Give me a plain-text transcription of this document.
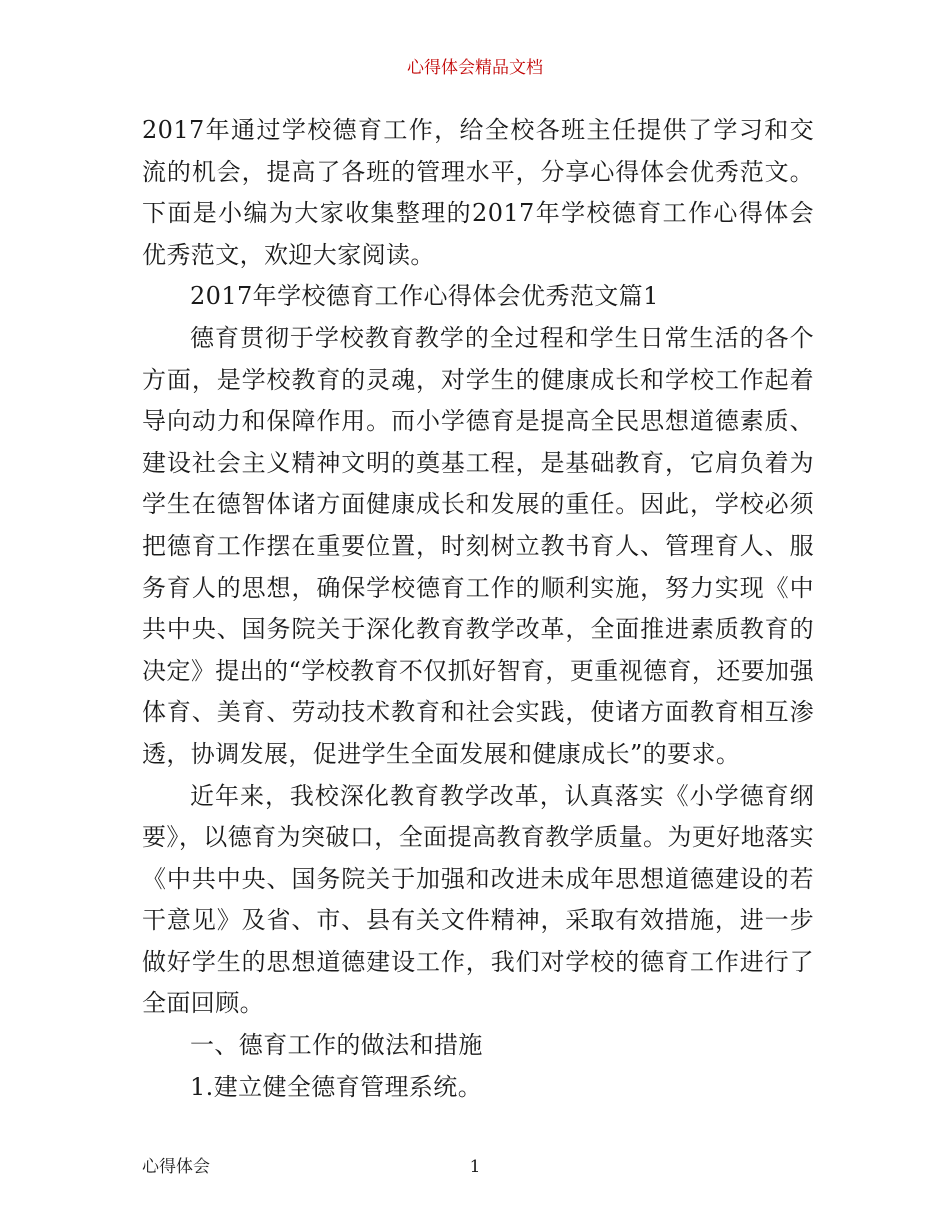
心得体会精品文档

2017年通过学校德育工作，给全校各班主任提供了学习和交流的机会，提高了各班的管理水平，分享心得体会优秀范文。下面是小编为大家收集整理的2017年学校德育工作心得体会优秀范文，欢迎大家阅读。

2017年学校德育工作心得体会优秀范文篇1

德育贯彻于学校教育教学的全过程和学生日常生活的各个方面，是学校教育的灵魂，对学生的健康成长和学校工作起着导向动力和保障作用。而小学德育是提高全民思想道德素质、建设社会主义精神文明的奠基工程，是基础教育，它肩负着为学生在德智体诸方面健康成长和发展的重任。因此，学校必须把德育工作摆在重要位置，时刻树立教书育人、管理育人、服务育人的思想，确保学校德育工作的顺利实施，努力实现《中共中央、国务院关于深化教育教学改革，全面推进素质教育的决定》提出的“学校教育不仅抓好智育，更重视德育，还要加强体育、美育、劳动技术教育和社会实践，使诸方面教育相互渗透，协调发展，促进学生全面发展和健康成长”的要求。

近年来，我校深化教育教学改革，认真落实《小学德育纲要》，以德育为突破口，全面提高教育教学质量。为更好地落实《中共中央、国务院关于加强和改进未成年思想道德建设的若干意见》及省、市、县有关文件精神，采取有效措施，进一步做好学生的思想道德建设工作，我们对学校的德育工作进行了全面回顾。

一、德育工作的做法和措施

1.建立健全德育管理系统。

心得体会	1
